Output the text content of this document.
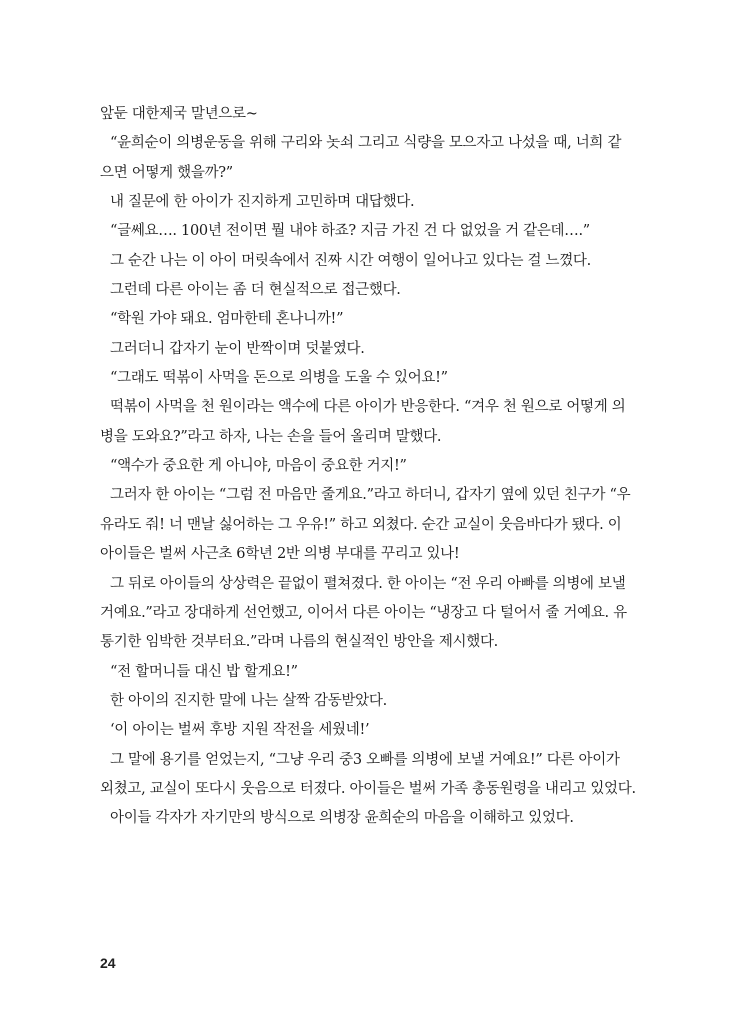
앞둔 대한제국 말년으로~
“윤희순이 의병운동을 위해 구리와 놋쇠 그리고 식량을 모으자고 나섰을 때, 너희 같
으면 어떻게 했을까?”
내 질문에 한 아이가 진지하게 고민하며 대답했다.
“글쎄요…. 100년 전이면 뭘 내야 하죠? 지금 가진 건 다 없었을 거 같은데….”
그 순간 나는 이 아이 머릿속에서 진짜 시간 여행이 일어나고 있다는 걸 느꼈다.
그런데 다른 아이는 좀 더 현실적으로 접근했다.
“학원 가야 돼요. 엄마한테 혼나니까!”
그러더니 갑자기 눈이 반짝이며 덧붙였다.
“그래도 떡볶이 사먹을 돈으로 의병을 도울 수 있어요!”
떡볶이 사먹을 천 원이라는 액수에 다른 아이가 반응한다. “겨우 천 원으로 어떻게 의
병을 도와요?”라고 하자, 나는 손을 들어 올리며 말했다.
“액수가 중요한 게 아니야, 마음이 중요한 거지!”
그러자 한 아이는 “그럼 전 마음만 줄게요.”라고 하더니, 갑자기 옆에 있던 친구가 “우
유라도 줘! 너 맨날 싫어하는 그 우유!” 하고 외쳤다. 순간 교실이 웃음바다가 됐다. 이
아이들은 벌써 사근초 6학년 2반 의병 부대를 꾸리고 있나!
그 뒤로 아이들의 상상력은 끝없이 펼쳐졌다. 한 아이는 “전 우리 아빠를 의병에 보낼
거예요.”라고 장대하게 선언했고, 이어서 다른 아이는 “냉장고 다 털어서 줄 거예요. 유
통기한 임박한 것부터요.”라며 나름의 현실적인 방안을 제시했다.
“전 할머니들 대신 밥 할게요!”
한 아이의 진지한 말에 나는 살짝 감동받았다.
‘이 아이는 벌써 후방 지원 작전을 세웠네!’
그 말에 용기를 얻었는지, “그냥 우리 중3 오빠를 의병에 보낼 거예요!” 다른 아이가
외쳤고, 교실이 또다시 웃음으로 터졌다. 아이들은 벌써 가족 총동원령을 내리고 있었다.
아이들 각자가 자기만의 방식으로 의병장 윤희순의 마음을 이해하고 있었다.
24
